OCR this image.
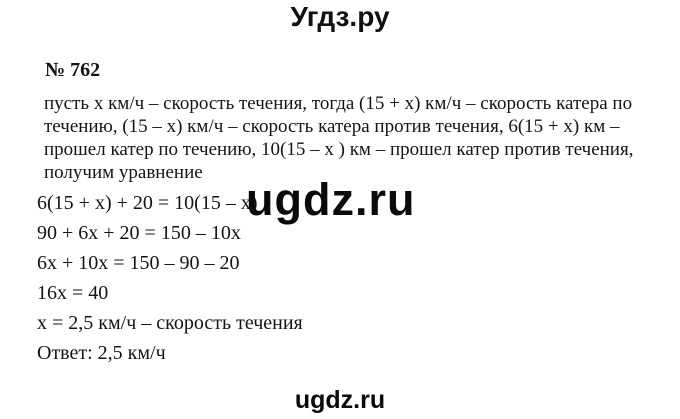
Угдз.ру
№ 762
пусть x км/ч – скорость течения, тогда (15 + x) км/ч – скорость катера по
течению, (15 – x) км/ч – скорость катера против течения, 6(15 + x) км –
прошел катер по течению, 10(15 – x ) км – прошел катер против течения,
получим уравнение
6(15 + x) + 20 = 10(15 – x)
90 + 6x + 20 = 150 – 10x
6x + 10x = 150 – 90 – 20
16x = 40
x = 2,5 км/ч – скорость течения
Ответ: 2,5 км/ч
ugdz.ru
ugdz.ru
